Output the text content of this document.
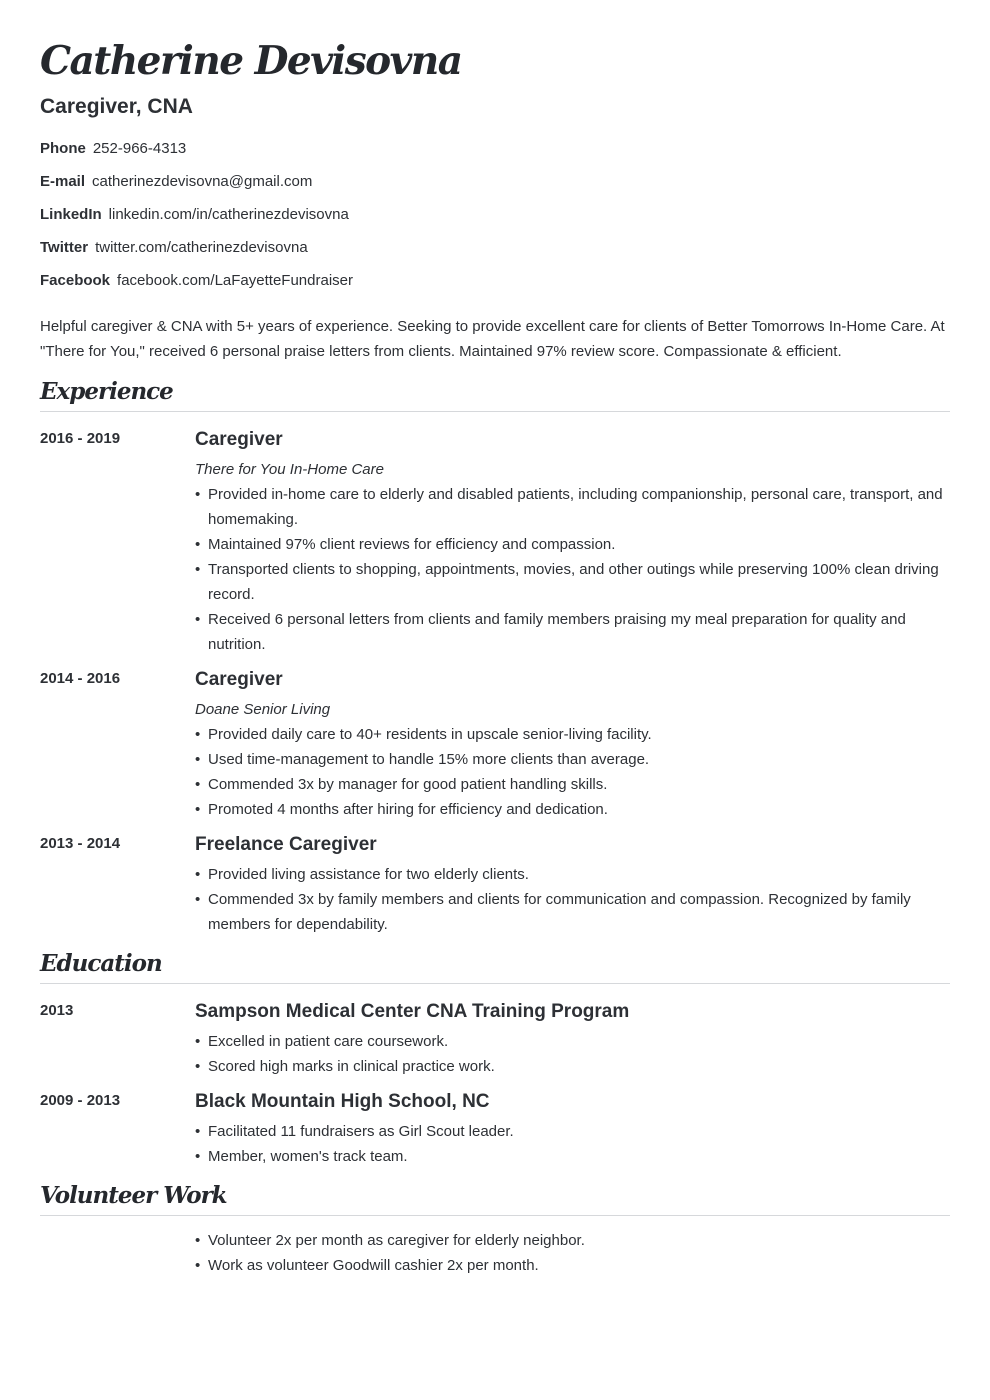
Catherine Devisovna
Caregiver, CNA
Phone 252-966-4313
E-mail catherinezdevisovna@gmail.com
LinkedIn linkedin.com/in/catherinezdevisovna
Twitter twitter.com/catherinezdevisovna
Facebook facebook.com/LaFayetteFundraiser

Helpful caregiver & CNA with 5+ years of experience. Seeking to provide excellent care for clients of Better Tomorrows In-Home Care. At "There for You," received 6 personal praise letters from clients. Maintained 97% review score. Compassionate & efficient.

Experience
2016 - 2019	Caregiver
There for You In-Home Care
• Provided in-home care to elderly and disabled patients, including companionship, personal care, transport, and homemaking.
• Maintained 97% client reviews for efficiency and compassion.
• Transported clients to shopping, appointments, movies, and other outings while preserving 100% clean driving record.
• Received 6 personal letters from clients and family members praising my meal preparation for quality and nutrition.
2014 - 2016	Caregiver
Doane Senior Living
• Provided daily care to 40+ residents in upscale senior-living facility.
• Used time-management to handle 15% more clients than average.
• Commended 3x by manager for good patient handling skills.
• Promoted 4 months after hiring for efficiency and dedication.
2013 - 2014	Freelance Caregiver
• Provided living assistance for two elderly clients.
• Commended 3x by family members and clients for communication and compassion. Recognized by family members for dependability.
Education
2013	Sampson Medical Center CNA Training Program
• Excelled in patient care coursework.
• Scored high marks in clinical practice work.
2009 - 2013	Black Mountain High School, NC
• Facilitated 11 fundraisers as Girl Scout leader.
• Member, women's track team.
Volunteer Work
• Volunteer 2x per month as caregiver for elderly neighbor.
• Work as volunteer Goodwill cashier 2x per month.
